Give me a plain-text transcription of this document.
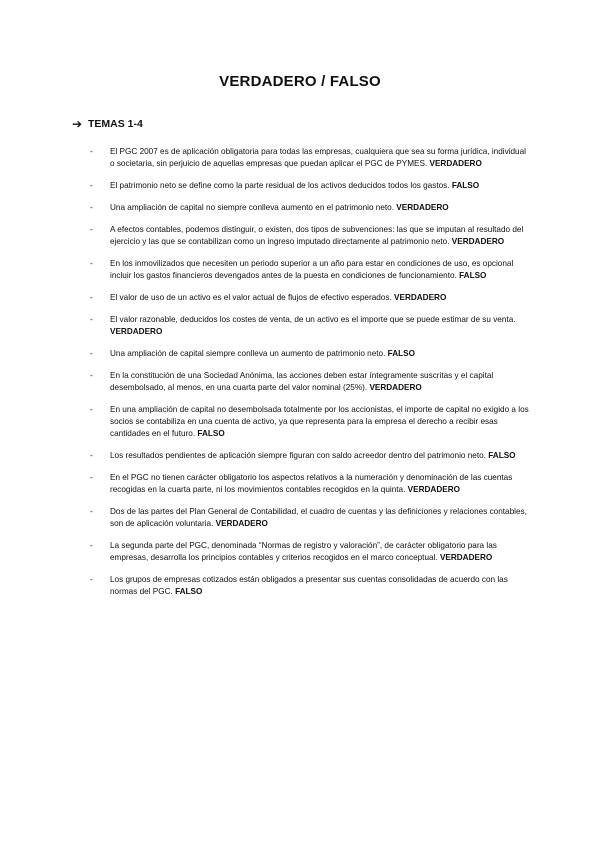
VERDADERO / FALSO
➔ TEMAS 1-4
- El PGC 2007 es de aplicación obligatoria para todas las empresas, cualquiera que sea su forma jurídica, individual o societaria, sin perjuicio de aquellas empresas que puedan aplicar el PGC de PYMES. VERDADERO
- El patrimonio neto se define como la parte residual de los activos deducidos todos los gastos. FALSO
- Una ampliación de capital no siempre conlleva aumento en el patrimonio neto. VERDADERO
- A efectos contables, podemos distinguir, o existen, dos tipos de subvenciones: las que se imputan al resultado del ejercicio y las que se contabilizan como un ingreso imputado directamente al patrimonio neto. VERDADERO
- En los inmovilizados que necesiten un periodo superior a un año para estar en condiciones de uso, es opcional incluir los gastos financieros devengados antes de la puesta en condiciones de funcionamiento. FALSO
- El valor de uso de un activo es el valor actual de flujos de efectivo esperados. VERDADERO
- El valor razonable, deducidos los costes de venta, de un activo es el importe que se puede estimar de su venta. VERDADERO
- Una ampliación de capital siempre conlleva un aumento de patrimonio neto. FALSO
- En la constitución de una Sociedad Anónima, las acciones deben estar íntegramente suscritas y el capital desembolsado, al menos, en una cuarta parte del valor nominal (25%). VERDADERO
- En una ampliación de capital no desembolsada totalmente por los accionistas, el importe de capital no exigido a los socios se contabiliza en una cuenta de activo, ya que representa para la empresa el derecho a recibir esas cantidades en el futuro. FALSO
- Los resultados pendientes de aplicación siempre figuran con saldo acreedor dentro del patrimonio neto. FALSO
- En el PGC no tienen carácter obligatorio los aspectos relativos a la numeración y denominación de las cuentas recogidas en la cuarta parte, ni los movimientos contables recogidos en la quinta. VERDADERO
- Dos de las partes del Plan General de Contabilidad, el cuadro de cuentas y las definiciones y relaciones contables, son de aplicación voluntaria. VERDADERO
- La segunda parte del PGC, denominada “Normas de registro y valoración”, de carácter obligatorio para las empresas, desarrolla los principios contables y criterios recogidos en el marco conceptual. VERDADERO
- Los grupos de empresas cotizados están obligados a presentar sus cuentas consolidadas de acuerdo con las normas del PGC. FALSO
